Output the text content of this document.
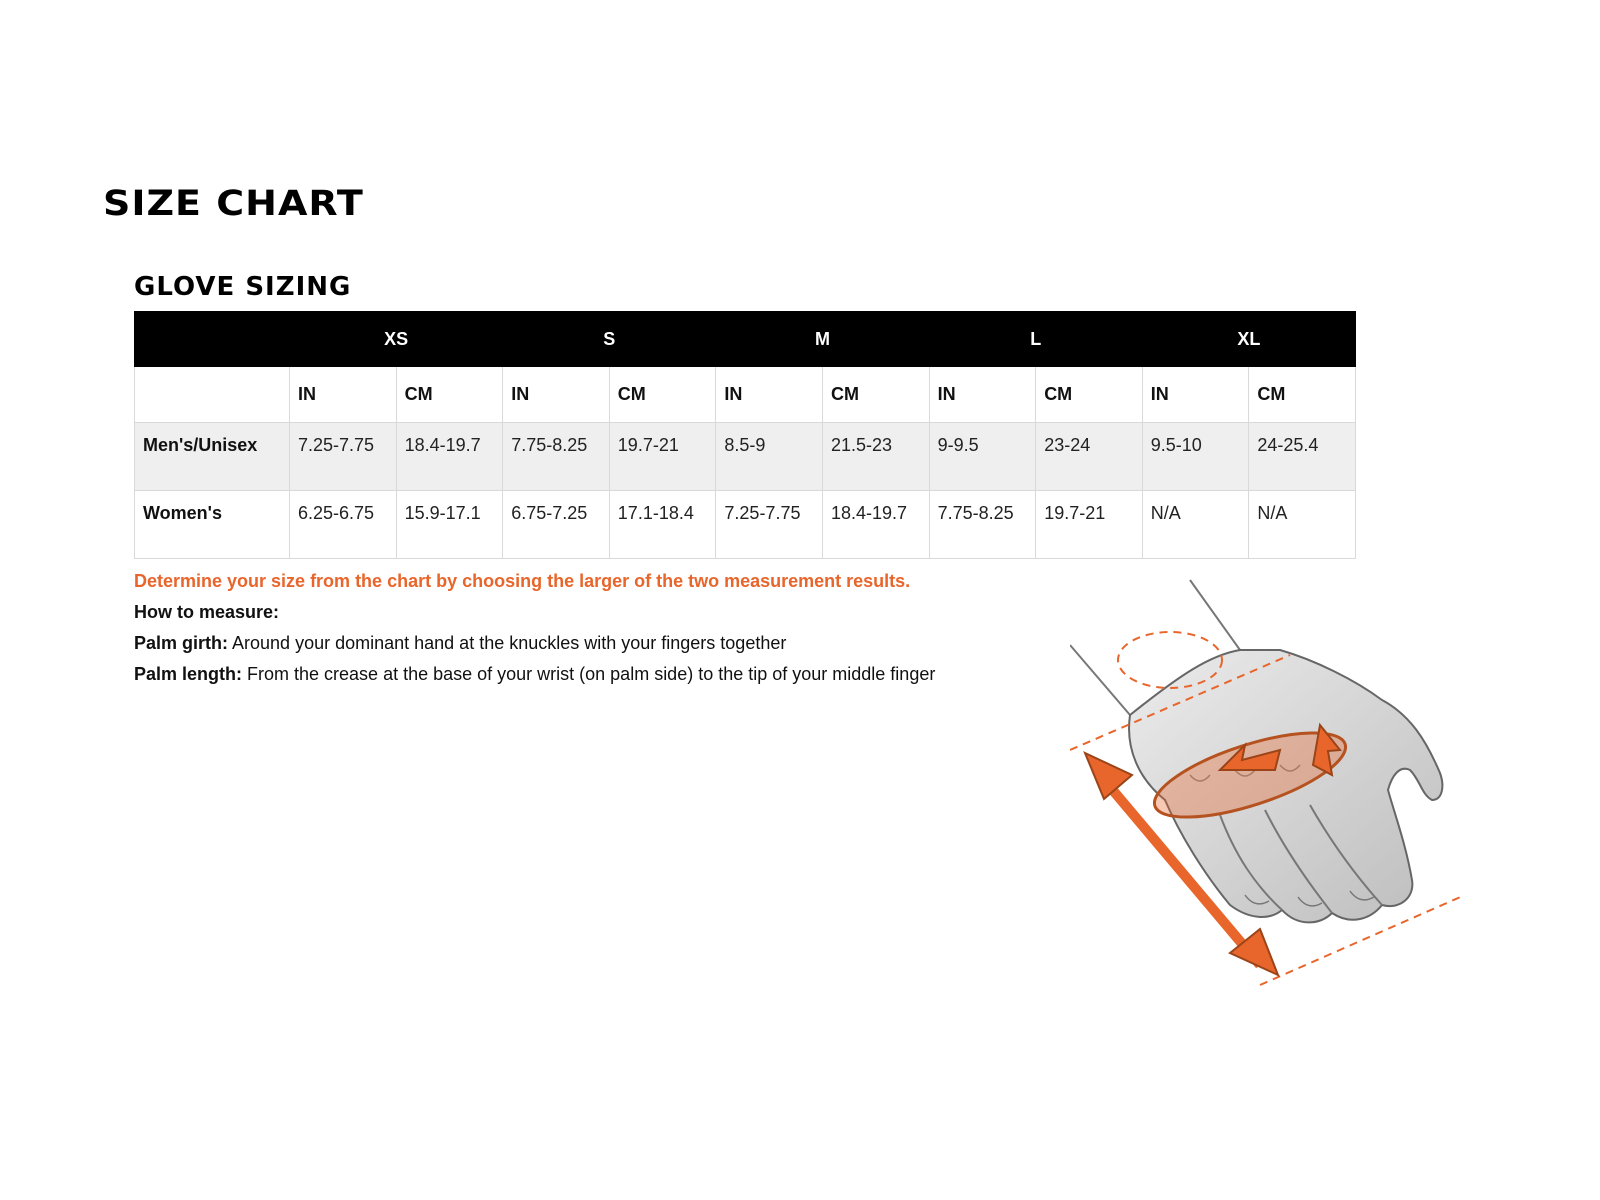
SIZE CHART
GLOVE SIZING
	XS		S		M		L		XL	
	IN	CM	IN	CM	IN	CM	IN	CM	IN	CM
Men's/Unisex	7.25-7.75	18.4-19.7	7.75-8.25	19.7-21	8.5-9	21.5-23	9-9.5	23-24	9.5-10	24-25.4
Women's	6.25-6.75	15.9-17.1	6.75-7.25	17.1-18.4	7.25-7.75	18.4-19.7	7.75-8.25	19.7-21	N/A	N/A

Determine your size from the chart by choosing the larger of the two measurement results.

How to measure:

Palm girth: Around your dominant hand at the knuckles with your fingers together

Palm length: From the crease at the base of your wrist (on palm side) to the tip of your middle finger
